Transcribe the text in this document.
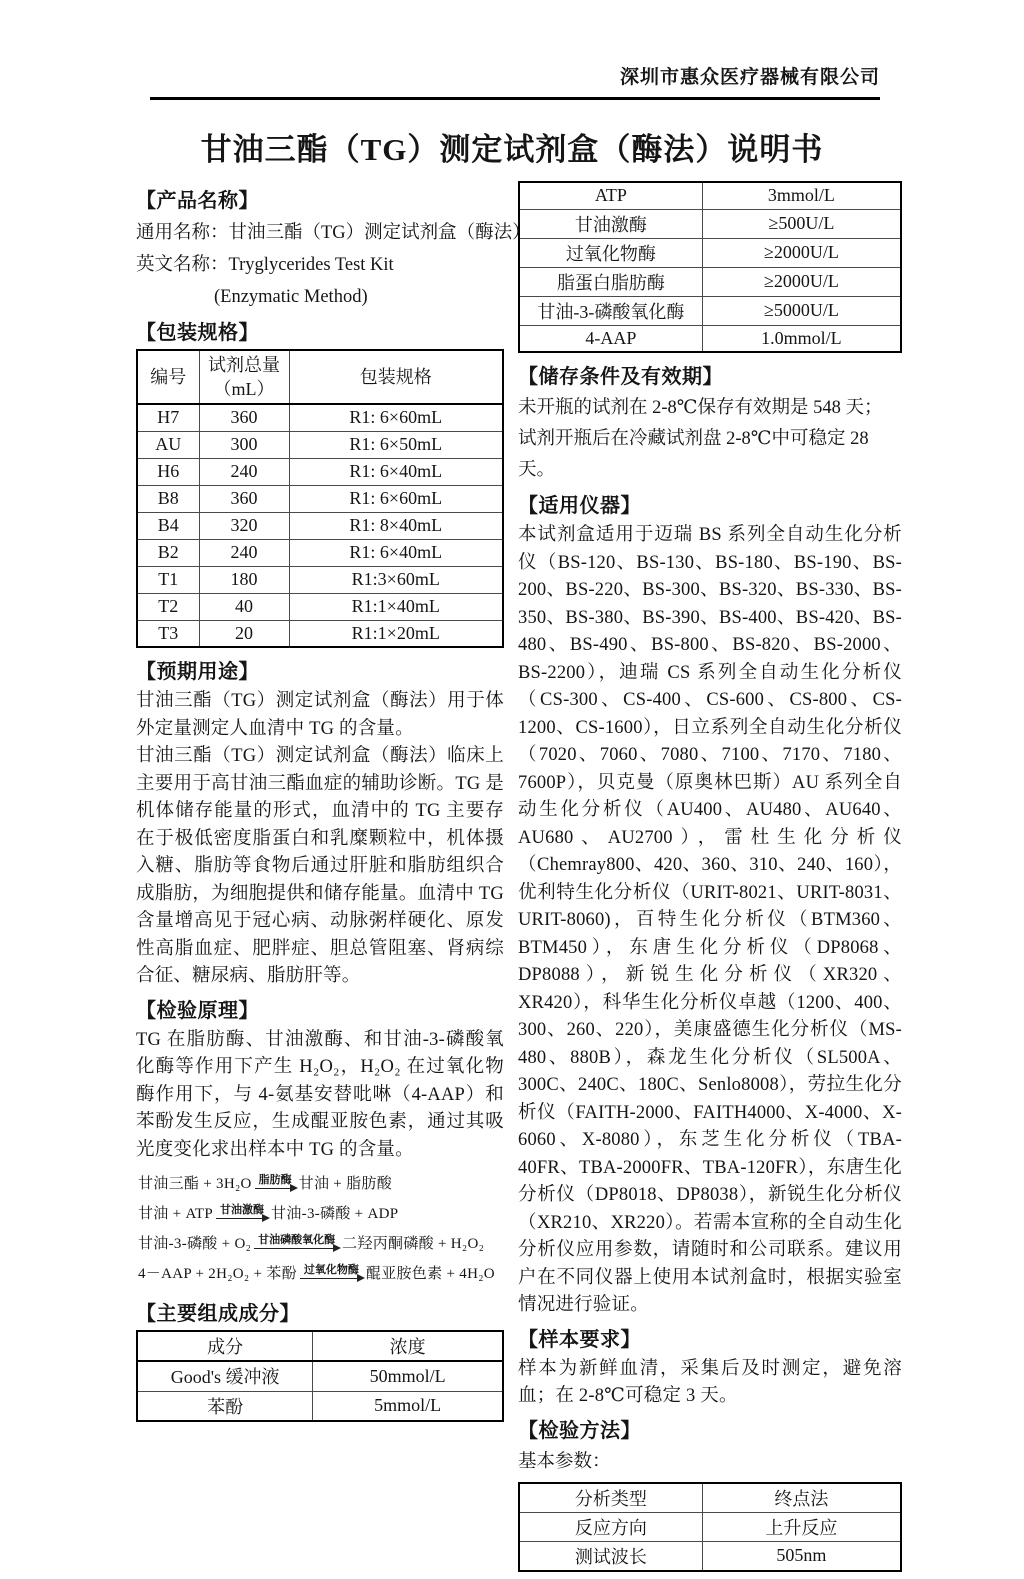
深圳市惠众医疗器械有限公司
甘油三酯（TG）测定试剂盒（酶法）说明书
【产品名称】

通用名称：甘油三酯（TG）测定试剂盒（酶法）

英文名称：Tryglycerides Test Kit

(Enzymatic Method)

【包装规格】
编号	试剂总量（mL）	包装规格
H7	360	R1: 6×60mL
AU	300	R1: 6×50mL
H6	240	R1: 6×40mL
B8	360	R1: 6×60mL
B4	320	R1: 8×40mL
B2	240	R1: 6×40mL
T1	180	R1:3×60mL
T2	40	R1:1×40mL
T3	20	R1:1×20mL
【预期用途】

甘油三酯（TG）测定试剂盒（酶法）用于体外定量测定人血清中 TG 的含量。

甘油三酯（TG）测定试剂盒（酶法）临床上主要用于高甘油三酯血症的辅助诊断。TG 是机体储存能量的形式，血清中的 TG 主要存在于极低密度脂蛋白和乳糜颗粒中，机体摄入糖、脂肪等食物后通过肝脏和脂肪组织合成脂肪，为细胞提供和储存能量。血清中 TG 含量增高见于冠心病、动脉粥样硬化、原发性高脂血症、肥胖症、胆总管阻塞、肾病综合征、糖尿病、脂肪肝等。

【检验原理】

TG 在脂肪酶、甘油激酶、和甘油-3-磷酸氧化酶等作用下产生 H₂O₂，H₂O₂ 在过氧化物酶作用下，与 4-氨基安替吡啉（4-AAP）和苯酚发生反应，生成醌亚胺色素，通过其吸光度变化求出样本中 TG 的含量。

甘油三酯 + 3H₂O 脂肪酶 甘油 + 脂肪酸
甘油 + ATP 甘油激酶 甘油-3-磷酸 + ADP
甘油-3-磷酸 + O₂ 甘油磷酸氧化酶 二羟丙酮磷酸 + H₂O₂
4－AAP + 2H₂O₂ + 苯酚 过氧化物酶 醌亚胺色素 + 4H₂O
【主要组成成分】
成分	浓度
Good's 缓冲液	50mmol/L
苯酚	5mmol/L
ATP	3mmol/L
甘油激酶	≥500U/L
过氧化物酶	≥2000U/L
脂蛋白脂肪酶	≥2000U/L
甘油-3-磷酸氧化酶	≥5000U/L
4-AAP	1.0mmol/L
【储存条件及有效期】

未开瓶的试剂在 2-8℃保存有效期是 548 天；

试剂开瓶后在冷藏试剂盘 2-8℃中可稳定 28 天。

【适用仪器】

本试剂盒适用于迈瑞 BS 系列全自动生化分析仪（BS-120、BS-130、BS-180、BS-190、BS-200、BS-220、BS-300、BS-320、BS-330、BS-350、BS-380、BS-390、BS-400、BS-420、BS-480、BS-490、BS-800、BS-820、BS-2000、BS-2200），迪瑞 CS 系列全自动生化分析仪（CS-300、CS-400、CS-600、CS-800、CS-1200、CS-1600），日立系列全自动生化分析仪（7020、7060、7080、7100、7170、7180、7600P），贝克曼（原奥林巴斯）AU 系列全自动生化分析仪（AU400、AU480、AU640、AU680、AU2700），雷杜生化分析仪（Chemray800、420、360、310、240、160），优利特生化分析仪（URIT-8021、URIT-8031、URIT-8060)，百特生化分析仪（BTM360、BTM450），东唐生化分析仪（DP8068、DP8088），新锐生化分析仪（XR320、XR420），科华生化分析仪卓越（1200、400、300、260、220），美康盛德生化分析仪（MS-480、880B），森龙生化分析仪（SL500A、300C、240C、180C、Senlo8008），劳拉生化分析仪（FAITH-2000、FAITH4000、X-4000、X-6060、X-8080），东芝生化分析仪（TBA-40FR、TBA-2000FR、TBA-120FR），东唐生化分析仪（DP8018、DP8038），新锐生化分析仪（XR210、XR220）。若需本宣称的全自动生化分析仪应用参数，请随时和公司联系。建议用户在不同仪器上使用本试剂盒时，根据实验室情况进行验证。

【样本要求】

样本为新鲜血清，采集后及时测定，避免溶血；在 2-8℃可稳定 3 天。

【检验方法】

基本参数：

分析类型	终点法
反应方向	上升反应
测试波长	505nm
